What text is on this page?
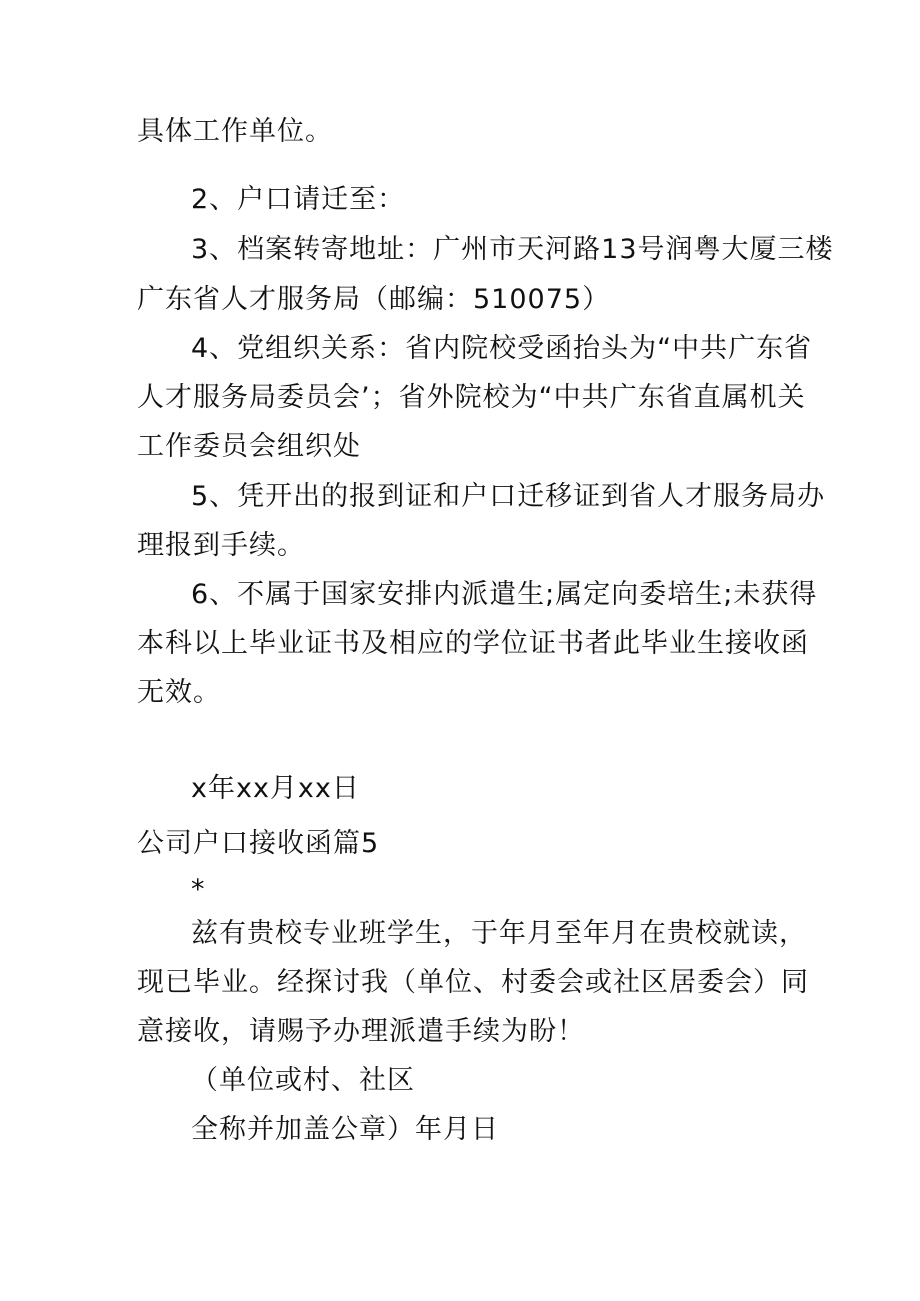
具体工作单位。

2、户口请迁至：

3、档案转寄地址：广州市天河路13号润粤大厦三楼

广东省人才服务局（邮编：510075）

4、党组织关系：省内院校受函抬头为“中共广东省

人才服务局委员会’；省外院校为“中共广东省直属机关

工作委员会组织处

5、凭开出的报到证和户口迁移证到省人才服务局办

理报到手续。

6、不属于国家安排内派遣生;属定向委培生;未获得

本科以上毕业证书及相应的学位证书者此毕业生接收函

无效。

x年xx月xx日

公司户口接收函篇5

*

兹有贵校专业班学生，于年月至年月在贵校就读，

现已毕业。经探讨我（单位、村委会或社区居委会）同

意接收，请赐予办理派遣手续为盼！

（单位或村、社区

全称并加盖公章）年月日
